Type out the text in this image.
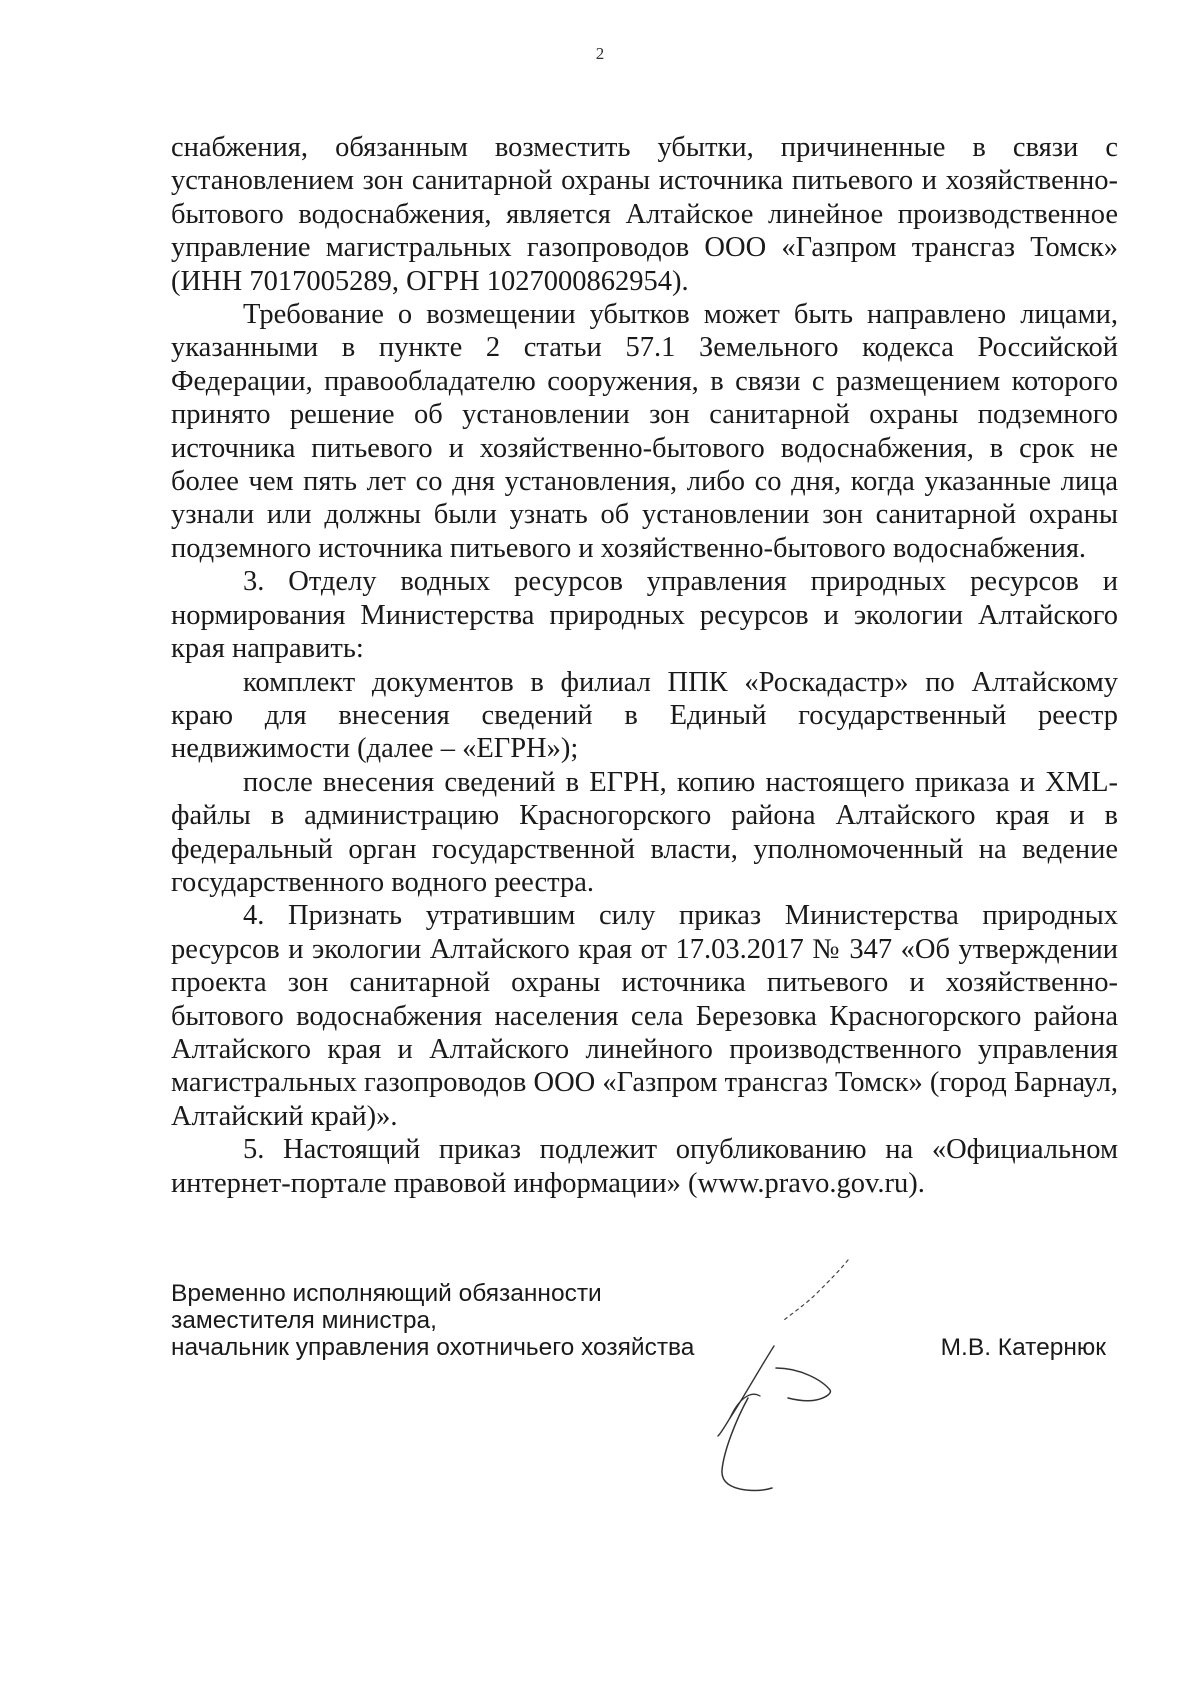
2

снабжения, обязанным возместить убытки, причиненные в связи с установлением зон санитарной охраны источника питьевого и хозяйственно-бытового водоснабжения, является Алтайское линейное производственное управление магистральных газопроводов ООО «Газпром трансгаз Томск» (ИНН 7017005289, ОГРН 1027000862954).

Требование о возмещении убытков может быть направлено лицами, указанными в пункте 2 статьи 57.1 Земельного кодекса Российской Федерации, правообладателю сооружения, в связи с размещением которого принято решение об установлении зон санитарной охраны подземного источника питьевого и хозяйственно-бытового водоснабжения, в срок не более чем пять лет со дня установления, либо со дня, когда указанные лица узнали или должны были узнать об установлении зон санитарной охраны подземного источника питьевого и хозяйственно-бытового водоснабжения.

3. Отделу водных ресурсов управления природных ресурсов и нормирования Министерства природных ресурсов и экологии Алтайского края направить:

комплект документов в филиал ППК «Роскадастр» по Алтайскому краю для внесения сведений в Единый государственный реестр недвижимости (далее – «ЕГРН»);

после внесения сведений в ЕГРН, копию настоящего приказа и XML-файлы в администрацию Красногорского района Алтайского края и в федеральный орган государственной власти, уполномоченный на ведение государственного водного реестра.

4. Признать утратившим силу приказ Министерства природных ресурсов и экологии Алтайского края от 17.03.2017 № 347 «Об утверждении проекта зон санитарной охраны источника питьевого и хозяйственно-бытового водоснабжения населения села Березовка Красногорского района Алтайского края и Алтайского линейного производственного управления магистральных газопроводов ООО «Газпром трансгаз Томск» (город Барнаул, Алтайский край)».

5. Настоящий приказ подлежит опубликованию на «Официальном интернет-портале правовой информации» (www.pravo.gov.ru).

Временно исполняющий обязанности
заместителя министра,
начальник управления охотничьего хозяйства	М.В. Катернюк
